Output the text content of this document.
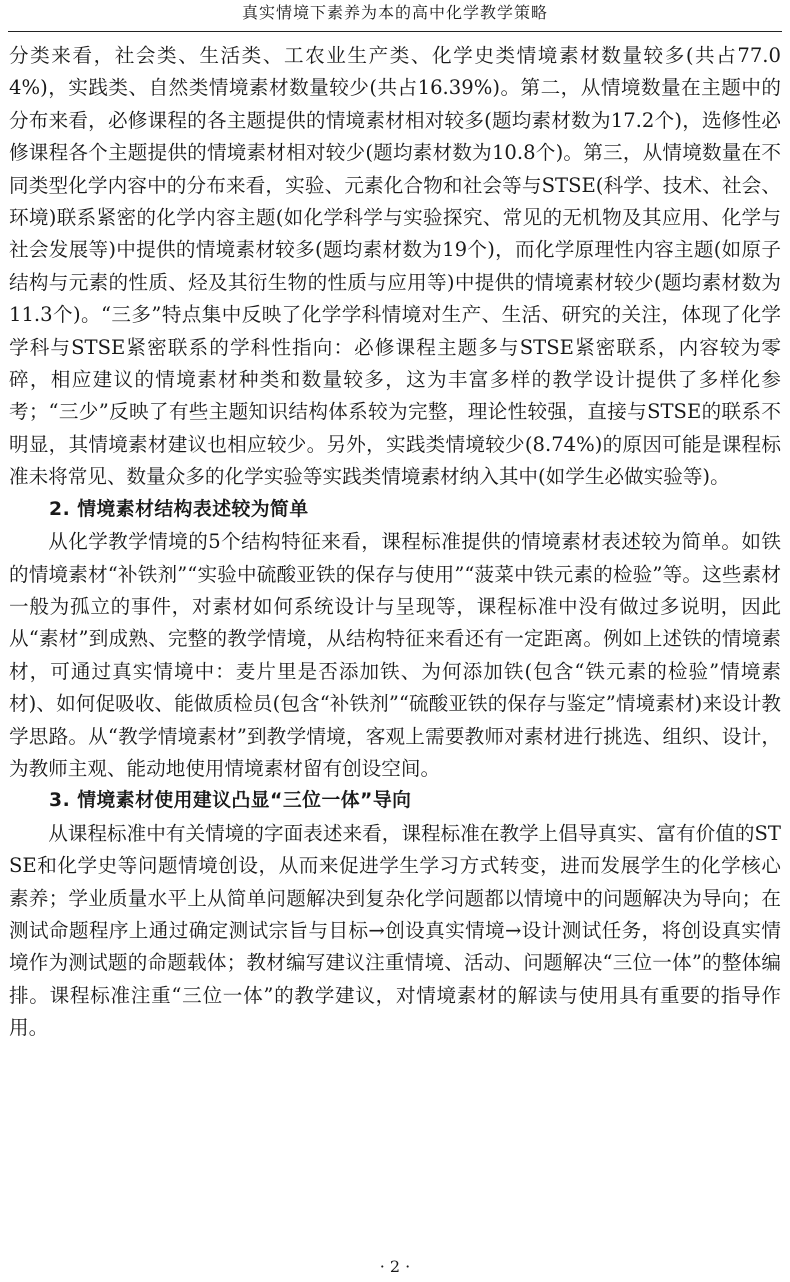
真实情境下素养为本的高中化学教学策略

分类来看，社会类、生活类、工农业生产类、化学史类情境素材数量较多(共占77.04%)，实践类、自然类情境素材数量较少(共占16.39%)。第二，从情境数量在主题中的分布来看，必修课程的各主题提供的情境素材相对较多(题均素材数为17.2个)，选修性必修课程各个主题提供的情境素材相对较少(题均素材数为10.8个)。第三，从情境数量在不同类型化学内容中的分布来看，实验、元素化合物和社会等与STSE(科学、技术、社会、环境)联系紧密的化学内容主题(如化学科学与实验探究、常见的无机物及其应用、化学与社会发展等)中提供的情境素材较多(题均素材数为19个)，而化学原理性内容主题(如原子结构与元素的性质、烃及其衍生物的性质与应用等)中提供的情境素材较少(题均素材数为11.3个)。“三多”特点集中反映了化学学科情境对生产、生活、研究的关注，体现了化学学科与STSE紧密联系的学科性指向：必修课程主题多与STSE紧密联系，内容较为零碎，相应建议的情境素材种类和数量较多，这为丰富多样的教学设计提供了多样化参考；“三少”反映了有些主题知识结构体系较为完整，理论性较强，直接与STSE的联系不明显，其情境素材建议也相应较少。另外，实践类情境较少(8.74%)的原因可能是课程标准未将常见、数量众多的化学实验等实践类情境素材纳入其中(如学生必做实验等)。

2. 情境素材结构表述较为简单

从化学教学情境的5个结构特征来看，课程标准提供的情境素材表述较为简单。如铁的情境素材“补铁剂”“实验中硫酸亚铁的保存与使用”“菠菜中铁元素的检验”等。这些素材一般为孤立的事件，对素材如何系统设计与呈现等，课程标准中没有做过多说明，因此从“素材”到成熟、完整的教学情境，从结构特征来看还有一定距离。例如上述铁的情境素材，可通过真实情境中：麦片里是否添加铁、为何添加铁(包含“铁元素的检验”情境素材)、如何促吸收、能做质检员(包含“补铁剂”“硫酸亚铁的保存与鉴定”情境素材)来设计教学思路。从“教学情境素材”到教学情境，客观上需要教师对素材进行挑选、组织、设计，为教师主观、能动地使用情境素材留有创设空间。

3. 情境素材使用建议凸显“三位一体”导向

从课程标准中有关情境的字面表述来看，课程标准在教学上倡导真实、富有价值的STSE和化学史等问题情境创设，从而来促进学生学习方式转变，进而发展学生的化学核心素养；学业质量水平上从简单问题解决到复杂化学问题都以情境中的问题解决为导向；在测试命题程序上通过确定测试宗旨与目标→创设真实情境→设计测试任务，将创设真实情境作为测试题的命题载体；教材编写建议注重情境、活动、问题解决“三位一体”的整体编排。课程标准注重“三位一体”的教学建议，对情境素材的解读与使用具有重要的指导作用。

· 2 ·
